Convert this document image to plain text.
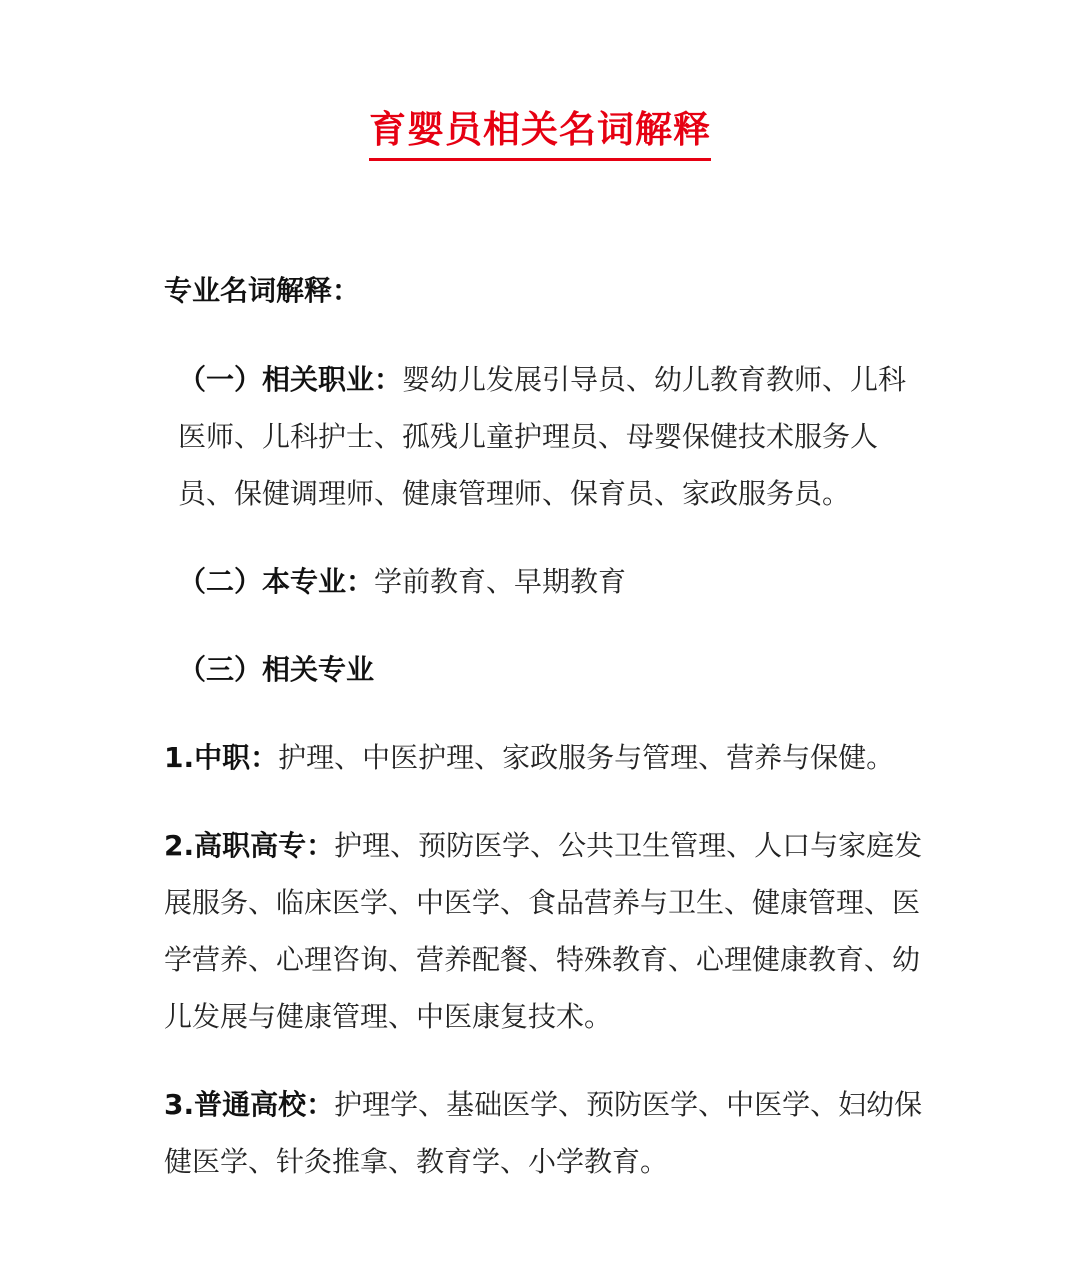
育婴员相关名词解释

专业名词解释：

（一）相关职业：婴幼儿发展引导员、幼儿教育教师、儿科医师、儿科护士、孤残儿童护理员、母婴保健技术服务人员、保健调理师、健康管理师、保育员、家政服务员。

（二）本专业：学前教育、早期教育

（三）相关专业

1.中职：护理、中医护理、家政服务与管理、营养与保健。

2.高职高专：护理、预防医学、公共卫生管理、人口与家庭发展服务、临床医学、中医学、食品营养与卫生、健康管理、医学营养、心理咨询、营养配餐、特殊教育、心理健康教育、幼儿发展与健康管理、中医康复技术。

3.普通高校：护理学、基础医学、预防医学、中医学、妇幼保健医学、针灸推拿、教育学、小学教育。
